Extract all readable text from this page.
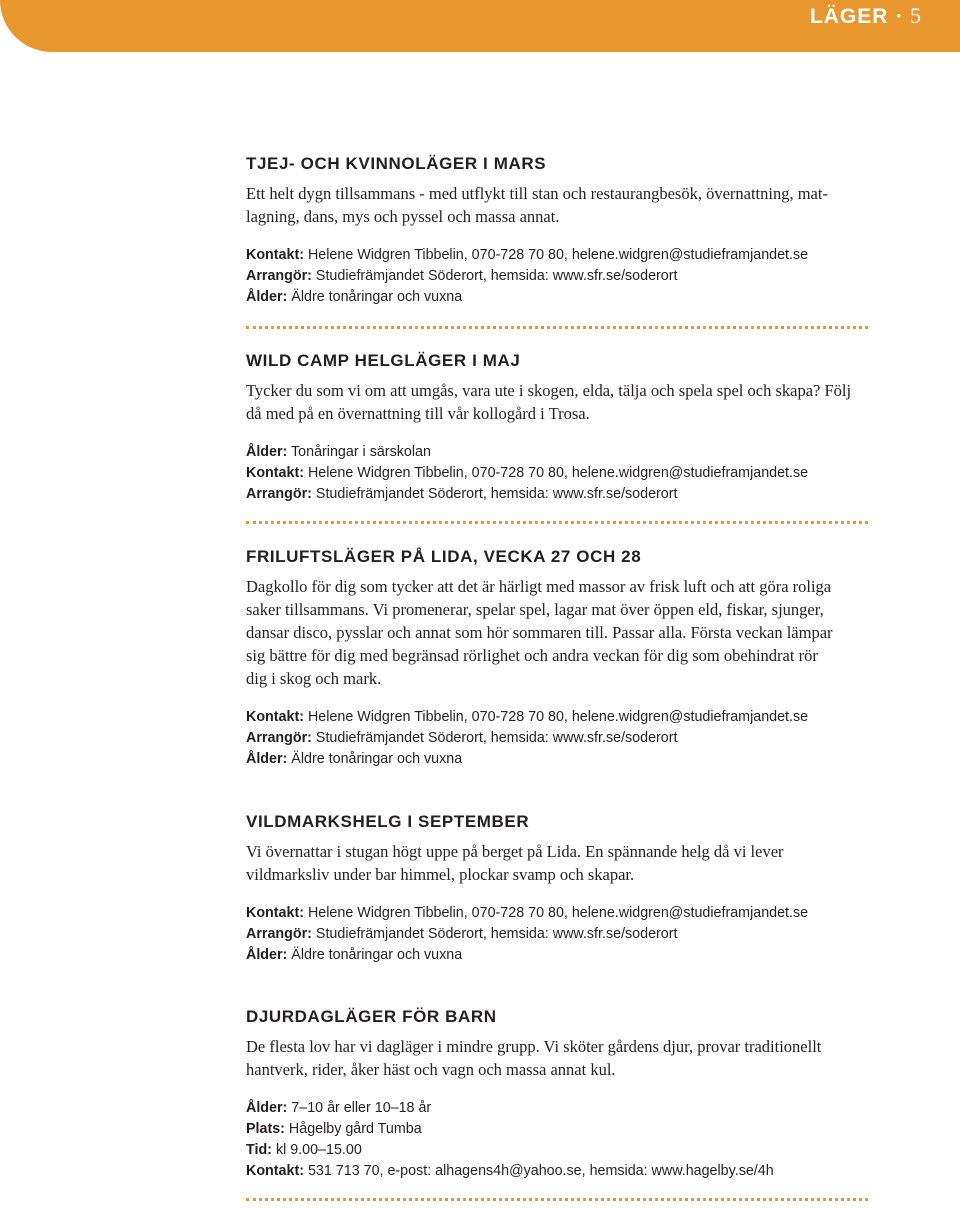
LÄGER • 5
TJEJ- OCH KVINNOLÄGER I MARS

Ett helt dygn tillsammans - med utflykt till stan och restaurangbesök, övernattning, mat-
lagning, dans, mys och pyssel och massa annat.

Kontakt: Helene Widgren Tibbelin, 070-728 70 80, helene.widgren@studieframjandet.se
Arrangör: Studiefrämjandet Söderort, hemsida: www.sfr.se/soderort
Ålder: Äldre tonåringar och vuxna
WILD CAMP HELGLÄGER I MAJ

Tycker du som vi om att umgås, vara ute i skogen, elda, tälja och spela spel och skapa? Följ
då med på en övernattning till vår kollogård i Trosa.

Ålder: Tonåringar i särskolan
Kontakt: Helene Widgren Tibbelin, 070-728 70 80, helene.widgren@studieframjandet.se
Arrangör: Studiefrämjandet Söderort, hemsida: www.sfr.se/soderort
FRILUFTSLÄGER PÅ LIDA, VECKA 27 OCH 28

Dagkollo för dig som tycker att det är härligt med massor av frisk luft och att göra roliga
saker tillsammans. Vi promenerar, spelar spel, lagar mat över öppen eld, fiskar, sjunger,
dansar disco, pysslar och annat som hör sommaren till. Passar alla. Första veckan lämpar
sig bättre för dig med begränsad rörlighet och andra veckan för dig som obehindrat rör
dig i skog och mark.

Kontakt: Helene Widgren Tibbelin, 070-728 70 80, helene.widgren@studieframjandet.se
Arrangör: Studiefrämjandet Söderort, hemsida: www.sfr.se/soderort
Ålder: Äldre tonåringar och vuxna
VILDMARKSHELG I SEPTEMBER

Vi övernattar i stugan högt uppe på berget på Lida. En spännande helg då vi lever
vildmarksliv under bar himmel, plockar svamp och skapar.

Kontakt: Helene Widgren Tibbelin, 070-728 70 80, helene.widgren@studieframjandet.se
Arrangör: Studiefrämjandet Söderort, hemsida: www.sfr.se/soderort
Ålder: Äldre tonåringar och vuxna
DJURDAGLÄGER FÖR BARN

De flesta lov har vi dagläger i mindre grupp. Vi sköter gårdens djur, provar traditionellt
hantverk, rider, åker häst och vagn och massa annat kul.

Ålder: 7–10 år eller 10–18 år
Plats: Hågelby gård Tumba
Tid: kl 9.00–15.00
Kontakt: 531 713 70, e-post: alhagens4h@yahoo.se, hemsida: www.hagelby.se/4h
